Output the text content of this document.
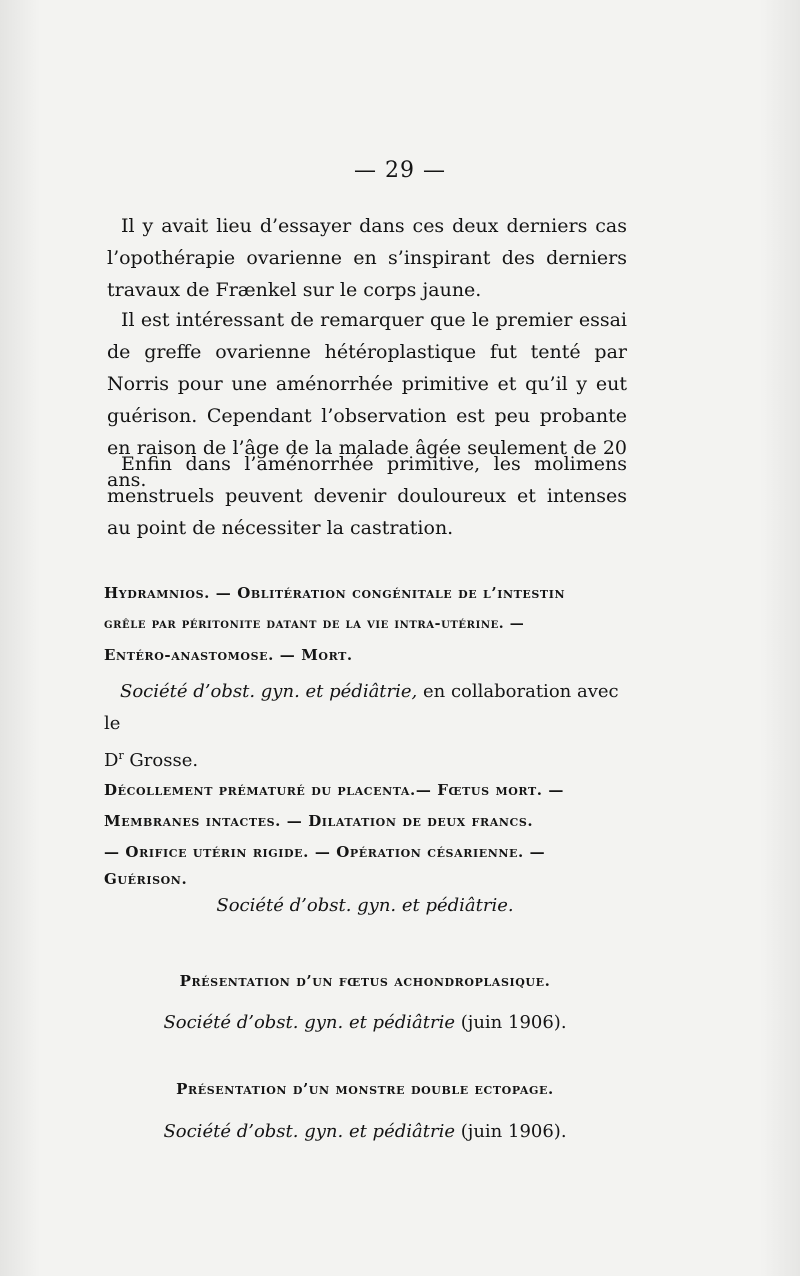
— 29 —

Il y avait lieu d’essayer dans ces deux derniers cas l’opothérapie ovarienne en s’inspirant des derniers travaux de Frænkel sur le corps jaune.

Il est intéressant de remarquer que le premier essai de greffe ovarienne hétéroplastique fut tenté par Norris pour une aménorrhée primitive et qu’il y eut guérison. Cependant l’observation est peu probante en raison de l’âge de la malade âgée seulement de 20 ans.

Enfin dans l’aménorrhée primitive, les molimens menstruels peuvent devenir douloureux et intenses au point de nécessiter la castration.

Hydramnios. — Oblitération congénitale de l’intestin
grêle par péritonite datant de la vie intra-utérine. —
Entéro-anastomose. — Mort.
Société d’obst. gyn. et pédiâtrie, en collaboration avec le
$D^r$ Grosse.
Décollement prématuré du placenta.— Fœtus mort. —
Membranes intactes. — Dilatation de deux francs.
— Orifice utérin rigide. — Opération césarienne. —
Guérison.
Société d’obst. gyn. et pédiâtrie.
Présentation d’un fœtus achondroplasique.
Société d’obst. gyn. et pédiâtrie (juin 1906).
Présentation d’un monstre double ectopage.
Société d’obst. gyn. et pédiâtrie (juin 1906).
